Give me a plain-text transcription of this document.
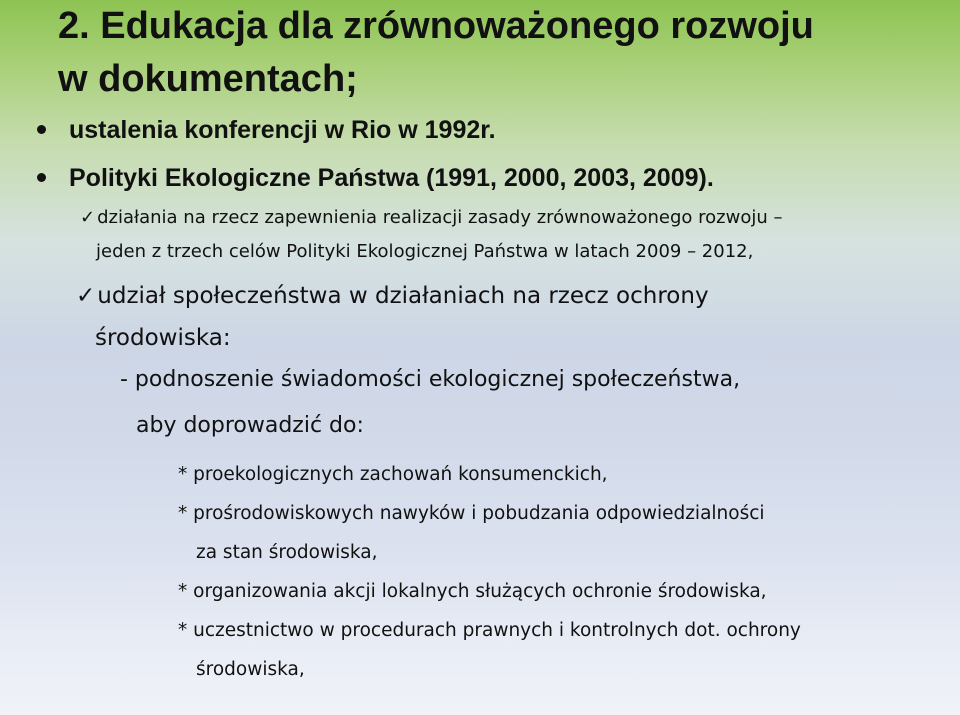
2. Edukacja dla zrównoważonego rozwoju
w dokumentach;
ustalenia konferencji w Rio w 1992r.
Polityki Ekologiczne Państwa (1991, 2000, 2003, 2009).
✓ działania na rzecz zapewnienia realizacji zasady zrównoważonego rozwoju –
jeden z trzech celów Polityki Ekologicznej Państwa w latach 2009 – 2012,
✓udział społeczeństwa w działaniach na rzecz ochrony
środowiska:
- podnoszenie świadomości ekologicznej społeczeństwa,
aby doprowadzić do:
* proekologicznych zachowań konsumenckich,
* prośrodowiskowych nawyków i pobudzania odpowiedzialności
za stan środowiska,
* organizowania akcji lokalnych służących ochronie środowiska,
* uczestnictwo w procedurach prawnych i kontrolnych dot. ochrony
środowiska,
